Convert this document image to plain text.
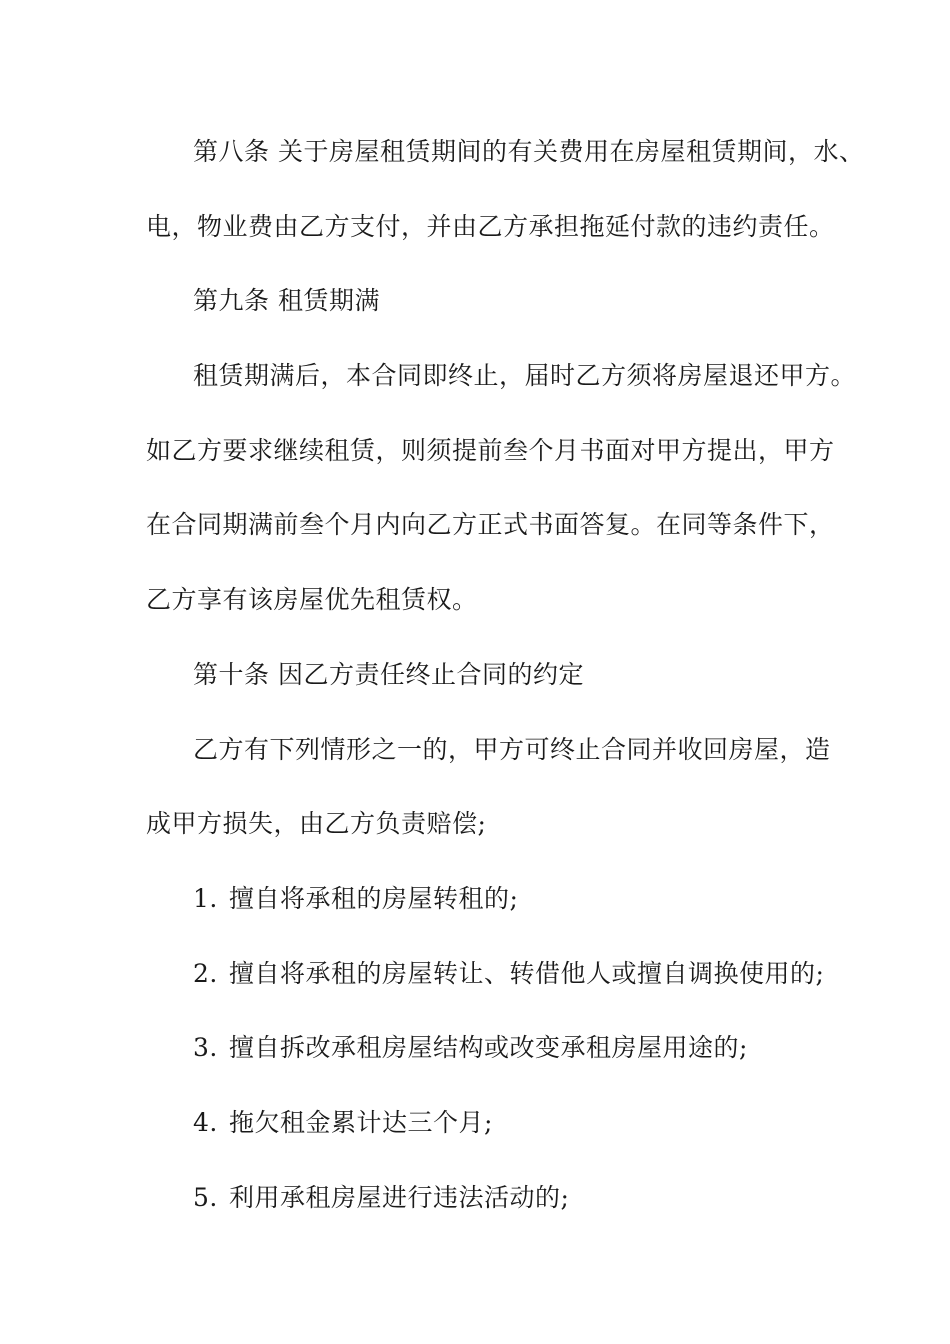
第八条 关于房屋租赁期间的有关费用在房屋租赁期间，水、
电，物业费由乙方支付，并由乙方承担拖延付款的违约责任。
第九条 租赁期满
租赁期满后，本合同即终止，届时乙方须将房屋退还甲方。
如乙方要求继续租赁，则须提前叁个月书面对甲方提出，甲方
在合同期满前叁个月内向乙方正式书面答复。在同等条件下，
乙方享有该房屋优先租赁权。
第十条 因乙方责任终止合同的约定
乙方有下列情形之一的，甲方可终止合同并收回房屋，造
成甲方损失，由乙方负责赔偿;
1. 擅自将承租的房屋转租的;
2. 擅自将承租的房屋转让、转借他人或擅自调换使用的;
3. 擅自拆改承租房屋结构或改变承租房屋用途的;
4. 拖欠租金累计达三个月;
5. 利用承租房屋进行违法活动的;
